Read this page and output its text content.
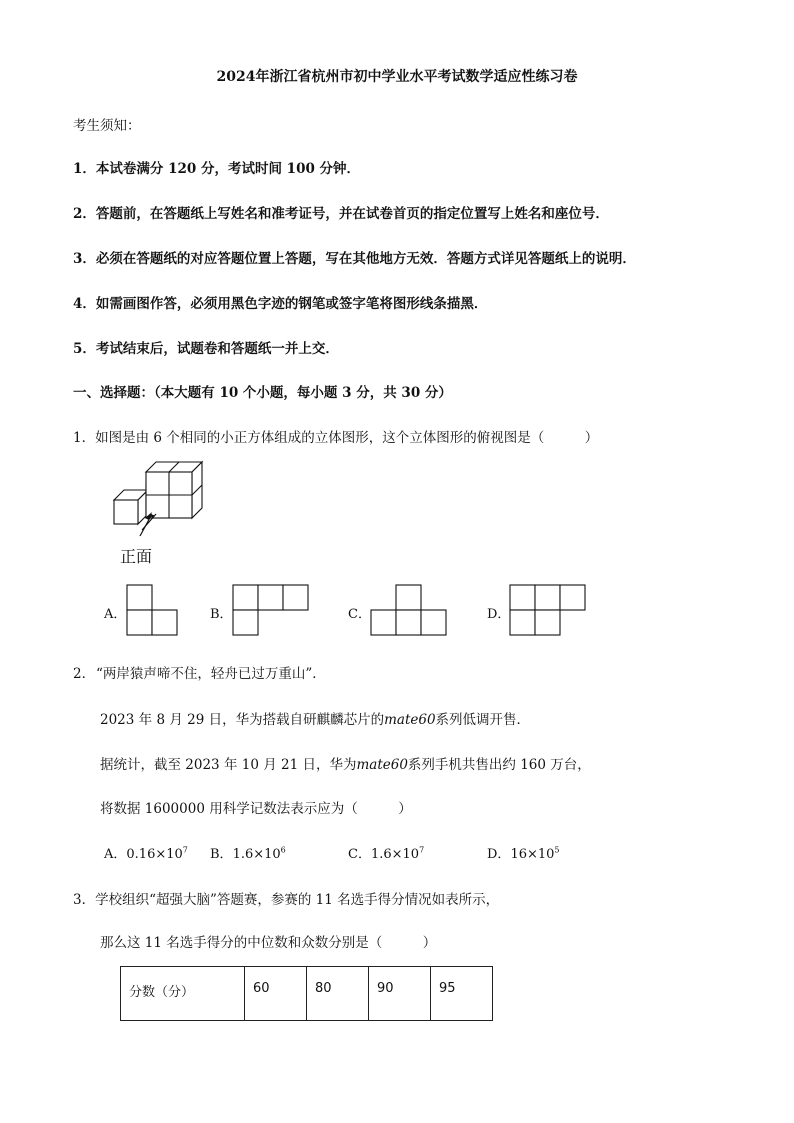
2024年浙江省杭州市初中学业水平考试数学适应性练习卷
考生须知：
1．本试卷满分 120 分，考试时间 100 分钟．
2．答题前，在答题纸上写姓名和准考证号，并在试卷首页的指定位置写上姓名和座位号．
3．必须在答题纸的对应答题位置上答题，写在其他地方无效．答题方式详见答题纸上的说明．
4．如需画图作答，必须用黑色字迹的钢笔或签字笔将图形线条描黑．
5．考试结束后，试题卷和答题纸一并上交．
一、选择题：（本大题有 10 个小题，每小题 3 分，共 30 分）
1．如图是由 6 个相同的小正方体组成的立体图形，这个立体图形的俯视图是（　　　）
正面
A．	B．	C．	D．
2． “两岸猿声啼不住，轻舟已过万重山”．
2023 年 8 月 29 日，华为搭载自研麒麟芯片的mate60系列低调开售．
据统计，截至 2023 年 10 月 21 日，华为mate60系列手机共售出约 160 万台，
将数据 1600000 用科学记数法表示应为（　　　）
A．$0.16\times 10^7$ B．$1.6\times 10^6$	C．$1.6\times 10^7$	D．$16\times 10^5$
3．学校组织“超强大脑”答题赛，参赛的 11 名选手得分情况如表所示，
那么这 11 名选手得分的中位数和众数分别是（　　　）
分数（分）	60	80	90	95
